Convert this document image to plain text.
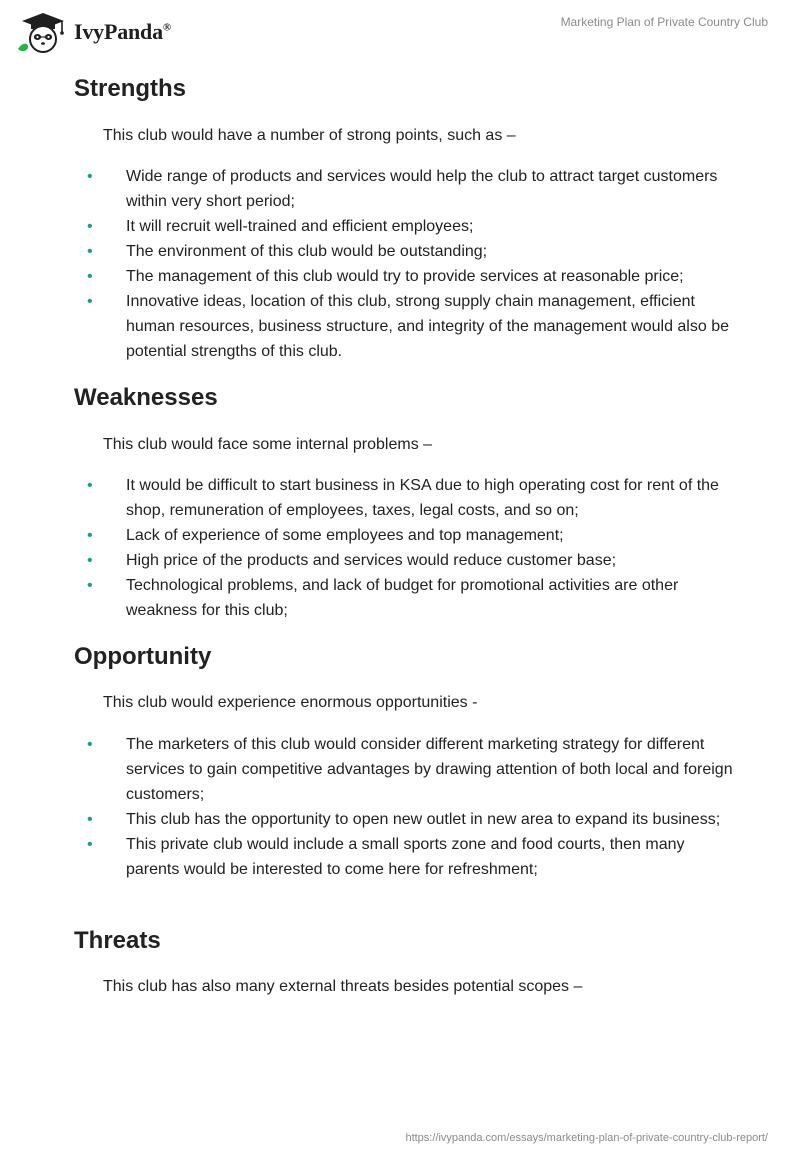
IvyPanda®	Marketing Plan of Private Country Club
Strengths

This club would have a number of strong points, such as –

• Wide range of products and services would help the club to attract target customers within very short period;
• It will recruit well-trained and efficient employees;
• The environment of this club would be outstanding;
• The management of this club would try to provide services at reasonable price;
• Innovative ideas, location of this club, strong supply chain management, efficient human resources, business structure, and integrity of the management would also be potential strengths of this club.
Weaknesses

This club would face some internal problems –

• It would be difficult to start business in KSA due to high operating cost for rent of the shop, remuneration of employees, taxes, legal costs, and so on;
• Lack of experience of some employees and top management;
• High price of the products and services would reduce customer base;
• Technological problems, and lack of budget for promotional activities are other weakness for this club;
Opportunity

This club would experience enormous opportunities -

• The marketers of this club would consider different marketing strategy for different services to gain competitive advantages by drawing attention of both local and foreign customers;
• This club has the opportunity to open new outlet in new area to expand its business;
• This private club would include a small sports zone and food courts, then many parents would be interested to come here for refreshment;
Threats

This club has also many external threats besides potential scopes –

https://ivypanda.com/essays/marketing-plan-of-private-country-club-report/
